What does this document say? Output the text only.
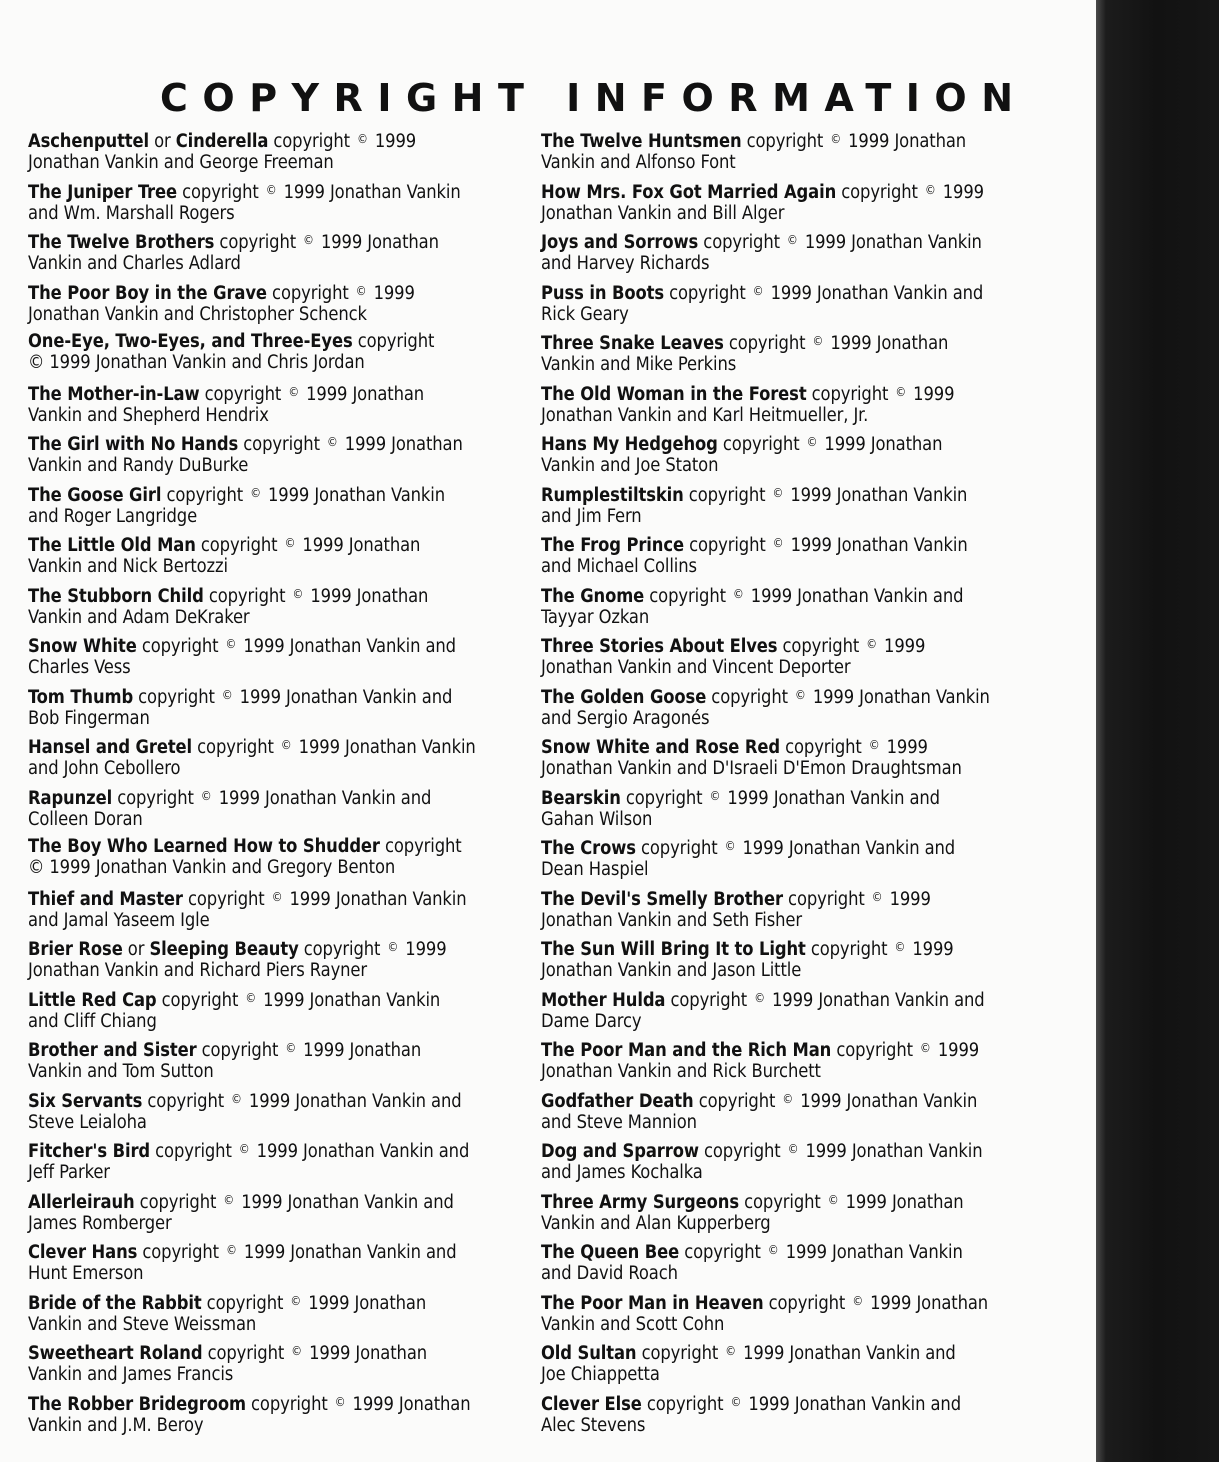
COPYRIGHT INFORMATION
Aschenputtel or Cinderella copyright © 1999
Jonathan Vankin and George Freeman
The Juniper Tree copyright © 1999 Jonathan Vankin
and Wm. Marshall Rogers
The Twelve Brothers copyright © 1999 Jonathan
Vankin and Charles Adlard
The Poor Boy in the Grave copyright © 1999
Jonathan Vankin and Christopher Schenck
One-Eye, Two-Eyes, and Three-Eyes copyright
© 1999 Jonathan Vankin and Chris Jordan
The Mother-in-Law copyright © 1999 Jonathan
Vankin and Shepherd Hendrix
The Girl with No Hands copyright © 1999 Jonathan
Vankin and Randy DuBurke
The Goose Girl copyright © 1999 Jonathan Vankin
and Roger Langridge
The Little Old Man copyright © 1999 Jonathan
Vankin and Nick Bertozzi
The Stubborn Child copyright © 1999 Jonathan
Vankin and Adam DeKraker
Snow White copyright © 1999 Jonathan Vankin and
Charles Vess
Tom Thumb copyright © 1999 Jonathan Vankin and
Bob Fingerman
Hansel and Gretel copyright © 1999 Jonathan Vankin
and John Cebollero
Rapunzel copyright © 1999 Jonathan Vankin and
Colleen Doran
The Boy Who Learned How to Shudder copyright
© 1999 Jonathan Vankin and Gregory Benton
Thief and Master copyright © 1999 Jonathan Vankin
and Jamal Yaseem Igle
Brier Rose or Sleeping Beauty copyright © 1999
Jonathan Vankin and Richard Piers Rayner
Little Red Cap copyright © 1999 Jonathan Vankin
and Cliff Chiang
Brother and Sister copyright © 1999 Jonathan
Vankin and Tom Sutton
Six Servants copyright © 1999 Jonathan Vankin and
Steve Leialoha
Fitcher's Bird copyright © 1999 Jonathan Vankin and
Jeff Parker
Allerleirauh copyright © 1999 Jonathan Vankin and
James Romberger
Clever Hans copyright © 1999 Jonathan Vankin and
Hunt Emerson
Bride of the Rabbit copyright © 1999 Jonathan
Vankin and Steve Weissman
Sweetheart Roland copyright © 1999 Jonathan
Vankin and James Francis
The Robber Bridegroom copyright © 1999 Jonathan
Vankin and J.M. Beroy
The Twelve Huntsmen copyright © 1999 Jonathan
Vankin and Alfonso Font
How Mrs. Fox Got Married Again copyright © 1999
Jonathan Vankin and Bill Alger
Joys and Sorrows copyright © 1999 Jonathan Vankin
and Harvey Richards
Puss in Boots copyright © 1999 Jonathan Vankin and
Rick Geary
Three Snake Leaves copyright © 1999 Jonathan
Vankin and Mike Perkins
The Old Woman in the Forest copyright © 1999
Jonathan Vankin and Karl Heitmueller, Jr.
Hans My Hedgehog copyright © 1999 Jonathan
Vankin and Joe Staton
Rumplestiltskin copyright © 1999 Jonathan Vankin
and Jim Fern
The Frog Prince copyright © 1999 Jonathan Vankin
and Michael Collins
The Gnome copyright © 1999 Jonathan Vankin and
Tayyar Ozkan
Three Stories About Elves copyright © 1999
Jonathan Vankin and Vincent Deporter
The Golden Goose copyright © 1999 Jonathan Vankin
and Sergio Aragonés
Snow White and Rose Red copyright © 1999
Jonathan Vankin and D'Israeli D'Emon Draughtsman
Bearskin copyright © 1999 Jonathan Vankin and
Gahan Wilson
The Crows copyright © 1999 Jonathan Vankin and
Dean Haspiel
The Devil's Smelly Brother copyright © 1999
Jonathan Vankin and Seth Fisher
The Sun Will Bring It to Light copyright © 1999
Jonathan Vankin and Jason Little
Mother Hulda copyright © 1999 Jonathan Vankin and
Dame Darcy
The Poor Man and the Rich Man copyright © 1999
Jonathan Vankin and Rick Burchett
Godfather Death copyright © 1999 Jonathan Vankin
and Steve Mannion
Dog and Sparrow copyright © 1999 Jonathan Vankin
and James Kochalka
Three Army Surgeons copyright © 1999 Jonathan
Vankin and Alan Kupperberg
The Queen Bee copyright © 1999 Jonathan Vankin
and David Roach
The Poor Man in Heaven copyright © 1999 Jonathan
Vankin and Scott Cohn
Old Sultan copyright © 1999 Jonathan Vankin and
Joe Chiappetta
Clever Else copyright © 1999 Jonathan Vankin and
Alec Stevens
